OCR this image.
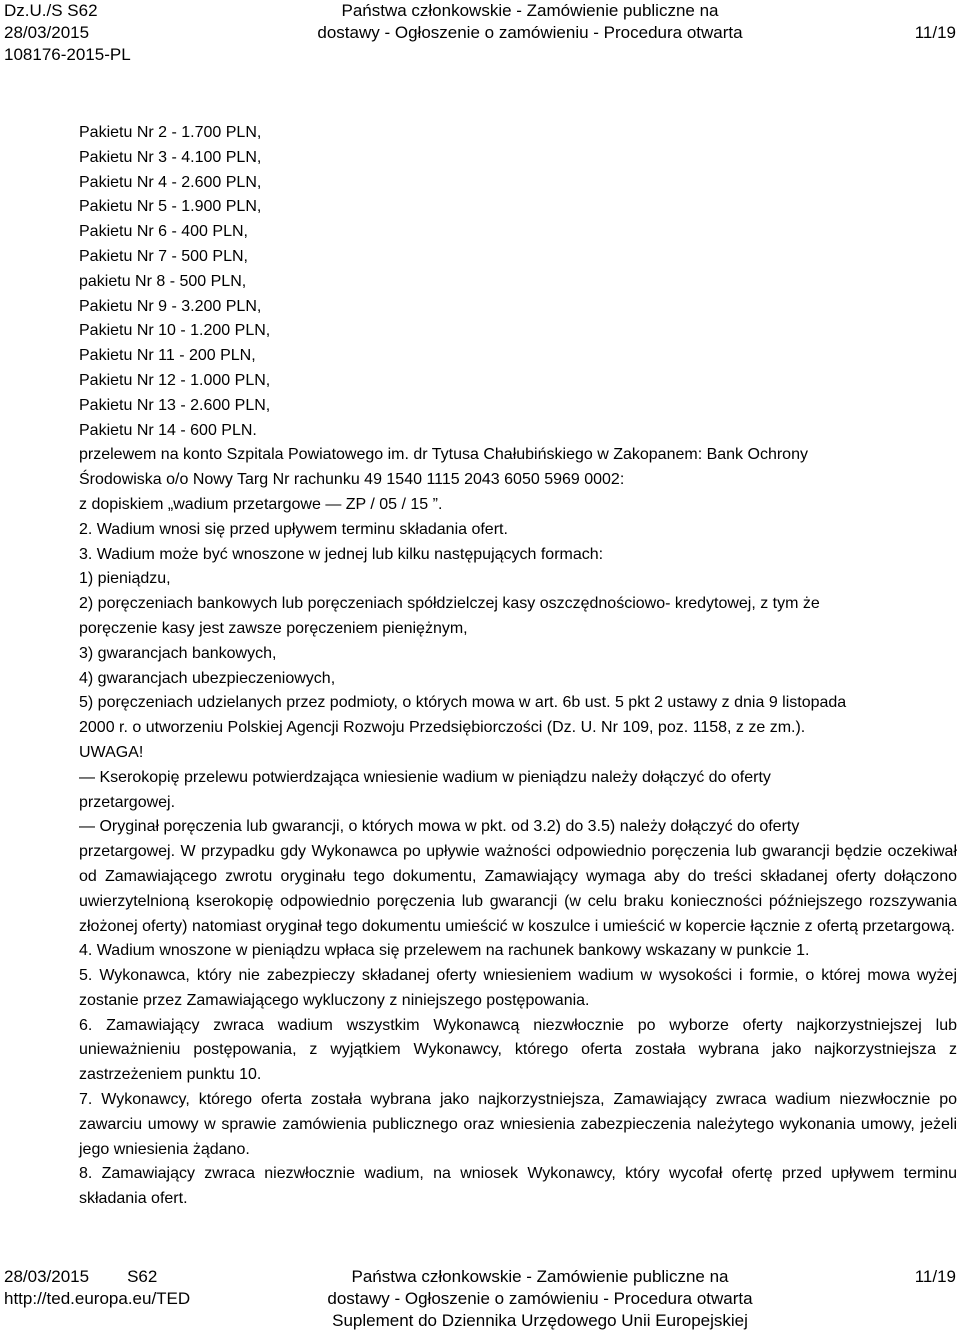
Dz.U./S S62
28/03/2015
108176-2015-PL
Państwa członkowskie - Zamówienie publiczne na
dostawy - Ogłoszenie o zamówieniu - Procedura otwarta
	11/19

Pakietu Nr 2 - 1.700 PLN,

Pakietu Nr 3 - 4.100 PLN,

Pakietu Nr 4 - 2.600 PLN,

Pakietu Nr 5 - 1.900 PLN,

Pakietu Nr 6 - 400 PLN,

Pakietu Nr 7 - 500 PLN,

pakietu Nr 8 - 500 PLN,

Pakietu Nr 9 - 3.200 PLN,

Pakietu Nr 10 - 1.200 PLN,

Pakietu Nr 11 - 200 PLN,

Pakietu Nr 12 - 1.000 PLN,

Pakietu Nr 13 - 2.600 PLN,

Pakietu Nr 14 - 600 PLN.

przelewem na konto Szpitala Powiatowego im. dr Tytusa Chałubińskiego w Zakopanem: Bank Ochrony

Środowiska o/o Nowy Targ Nr rachunku 49 1540 1115 2043 6050 5969 0002:

z dopiskiem „wadium przetargowe — ZP / 05 / 15 ”.

2. Wadium wnosi się przed upływem terminu składania ofert.

3. Wadium może być wnoszone w jednej lub kilku następujących formach:

1) pieniądzu,

2) poręczeniach bankowych lub poręczeniach spółdzielczej kasy oszczędnościowo- kredytowej, z tym że

poręczenie kasy jest zawsze poręczeniem pieniężnym,

3) gwarancjach bankowych,

4) gwarancjach ubezpieczeniowych,

5) poręczeniach udzielanych przez podmioty, o których mowa w art. 6b ust. 5 pkt 2 ustawy z dnia 9 listopada

2000 r. o utworzeniu Polskiej Agencji Rozwoju Przedsiębiorczości (Dz. U. Nr 109, poz. 1158, z ze zm.).

UWAGA!

— Kserokopię przelewu potwierdzająca wniesienie wadium w pieniądzu należy dołączyć do oferty

przetargowej.

— Oryginał poręczenia lub gwarancji, o których mowa w pkt. od 3.2) do 3.5) należy dołączyć do oferty

przetargowej. W przypadku gdy Wykonawca po upływie ważności odpowiednio poręczenia lub gwarancji będzie oczekiwał od Zamawiającego zwrotu oryginału tego dokumentu, Zamawiający wymaga aby do treści składanej oferty dołączono uwierzytelnioną kserokopię odpowiednio poręczenia lub gwarancji (w celu braku konieczności późniejszego rozszywania złożonej oferty) natomiast oryginał tego dokumentu umieścić w koszulce i umieścić w kopercie łącznie z ofertą przetargową.

4. Wadium wnoszone w pieniądzu wpłaca się przelewem na rachunek bankowy wskazany w punkcie 1.

5. Wykonawca, który nie zabezpieczy składanej oferty wniesieniem wadium w wysokości i formie, o której mowa wyżej zostanie przez Zamawiającego wykluczony z niniejszego postępowania.

6. Zamawiający zwraca wadium wszystkim Wykonawcą niezwłocznie po wyborze oferty najkorzystniejszej lub unieważnieniu postępowania, z wyjątkiem Wykonawcy, którego oferta została wybrana jako najkorzystniejsza z zastrzeżeniem punktu 10.

7. Wykonawcy, którego oferta została wybrana jako najkorzystniejsza, Zamawiający zwraca wadium niezwłocznie po zawarciu umowy w sprawie zamówienia publicznego oraz wniesienia zabezpieczenia należytego wykonania umowy, jeżeli jego wniesienia żądano.

8. Zamawiający zwraca niezwłocznie wadium, na wniosek Wykonawcy, który wycofał ofertę przed upływem terminu składania ofert.

28/03/2015 S62
http://ted.europa.eu/TED
Państwa członkowskie - Zamówienie publiczne na
dostawy - Ogłoszenie o zamówieniu - Procedura otwarta
Suplement do Dziennika Urzędowego Unii Europejskiej
11/19
